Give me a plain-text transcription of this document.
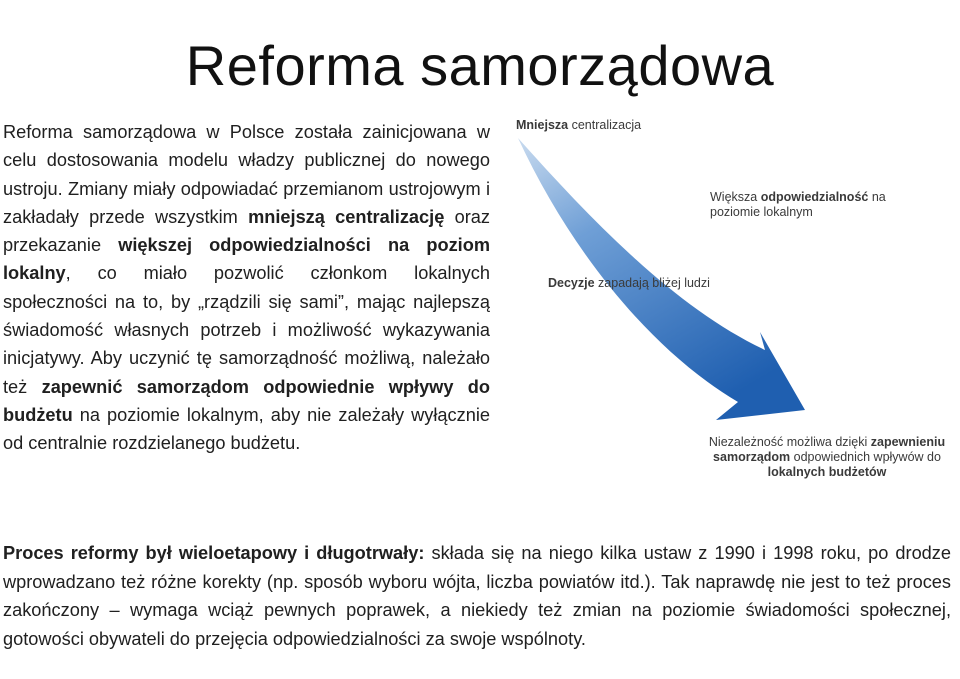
Reforma samorządowa
Reforma samorządowa w Polsce została zainicjowana w celu dostosowania modelu władzy publicznej do nowego ustroju. Zmiany miały odpowiadać przemianom ustrojowym i zakładały przede wszystkim mniejszą centralizację oraz przekazanie większej odpowiedzialności na poziom lokalny, co miało pozwolić członkom lokalnych społeczności na to, by „rządzili się sami”, mając najlepszą świadomość własnych potrzeb i możliwość wykazywania inicjatywy. Aby uczynić tę samorządność możliwą, należało też zapewnić samorządom odpowiednie wpływy do budżetu na poziomie lokalnym, aby nie zależały wyłącznie od centralnie rozdzielanego budżetu.
Mniejsza centralizacja
Większa odpowiedzialność na poziomie lokalnym
Decyzje zapadają bliżej ludzi
Niezależność możliwa dzięki zapewnieniu samorządom odpowiednich wpływów do lokalnych budżetów
Proces reformy był wieloetapowy i długotrwały: składa się na niego kilka ustaw z 1990 i 1998 roku, po drodze wprowadzano też różne korekty (np. sposób wyboru wójta, liczba powiatów itd.). Tak naprawdę nie jest to też proces zakończony – wymaga wciąż pewnych poprawek, a niekiedy też zmian na poziomie świadomości społecznej, gotowości obywateli do przejęcia odpowiedzialności za swoje wspólnoty.
